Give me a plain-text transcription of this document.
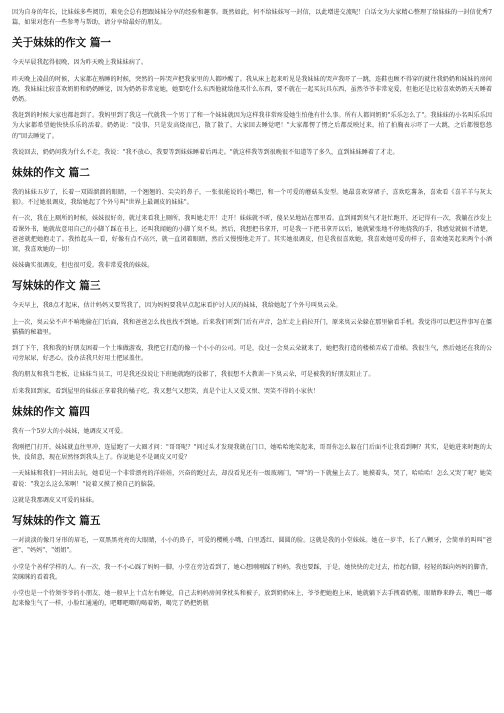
因为自身的年长，比妹妹多些阅历，难免会总有想跟妹妹分享的经验和趣事。既然如此，何不给妹妹写一封信，以此增进交流呢！白话文为大家精心整理了给妹妹的一封信优秀7篇，如果对您有一些参考与帮助，请分享给最好的朋友。

关于妹妹的作文 篇一

今天早晨我起得很晚，因为昨天晚上我妹妹病了。

昨天晚上凌晨的时候，大家都在熟睡的时候，突然的一阵哭声把我家里的人都吵醒了。我从床上起来听见是我妹妹的哭声我吓了一跳，连鞋也顾不得穿的就往我奶奶和妹妹的房间跑。我妹妹比较喜欢奶奶和奶奶睡觉，因为奶奶非常宠她，她要吃什么东西他就给他买什么东西，要不就在一起买玩具东西，虽然爷爷非常宠爱，但他还是比较喜欢奶奶天天睡着奶奶。

我赶到的时候大家也都赶到了。我妈里到了我这一代就我一个男丁了和一个妹妹就因为这样我非常疼爱她生怕他有什么事。所有人都问奶奶"乐乐怎么了"。我妹妹的小名叫乐乐因为大家都希望她快快乐乐的活着。奶奶说："没事，只是发高烧而已，散了散了，大家回去睡觉吧！"大家都愣了愣之后都反映过来，拍了拍胸表示吓了一大跳，之后都慢悠悠的"回去睡觉了。

我说回去，奶奶问我为什么不走，我说："我不放心，我要等到妹妹睡着后再走。"就这样我等到很晚很不知道等了多久，直到妹妹睡着了才走。

妹妹的作文 篇二

我的妹妹五岁了，长着一双圆溜溜的眼睛，一个翘翘的、尖尖的鼻子，一张很能说的小嘴巴，和一个可爱的蘑菇头发型。她最喜欢穿裙子，喜欢吃薯条，喜欢看《喜羊羊与灰太狼》。不过她很调皮，我给她起了个外号叫"世界上最调皮的妹妹"。

有一次，我在上厕所的时候，妹妹很好奇，就过来看我上厕所，我叫她走开！走开！妹妹就不听，傻呆呆地站在那里看。直到闻到臭气才赶忙跑开，还记得有一次，我躺在沙发上看课外书，她就故意用自己的小脚丫踩在书上，还叫我闻她的小脚丫臭不臭。然后，我想把书拿开，可是我一下把书拿开以后，她就紧张地不停地挠我的手，我感觉就搞不清楚，爸爸就把她抱走了。我抬起头一看，好像有点不高兴，就一直闭着眼睛，然后又慢慢地走开了。其实她很调皮，但是我很喜欢她，我喜欢她可爱的样子，喜欢她笑起来两个小酒窝，我喜欢她的一切！

妹妹确实很调皮，但也很可爱。我非常爱我的妹妹。

写妹妹的作文 篇三

今天早上，我8点才起床，估计妈妈又要骂我了，因为妈妈要我早点起床看护讨人厌的妹妹，我给她起了个外号叫臭云朵。

上一次，臭云朵不声不响地偷在门后面，我和爸爸怎么找也找不到她。后来我们听到门后有声音，急忙走上前拉开门，原来臭云朵躲在那里偷看手机。我觉得可以把这件事写在僵猫猫的秘籍里。

到了下午，我和我的好朋友困着一个土堆做游戏，我把它打造的像一个小小的公司。可是，没过一会臭云朵就来了，她把我打造的楼梯弄成了滑梯。我很生气，然后她还在我的公司旁尿尿，好恶心。没办法我只好用土把尿盖住。

我的朋友和我当老板，让妹妹当员工，可是我还没说让下班她就跑的没影了，我很想不大教训一下臭云朵，可是被我的好朋友阻止了。

后来我回到家，看到屋里的妹妹正拿着我的橘子吃，我又想气又想笑，真是个让人又爱又恨、哭笑不得的小家伙！

妹妹的作文 篇四

我有一个5岁大的小妹妹，她调皮又可爱。

我刚把门打开，妹妹就直往里冲，连屋跑了一大圈才问："哥哥呢？"问过头才发现我就在门口，她哈哈地笑起来，哥哥你怎么躲在门后面不让我看到啊？其实，是她进来时跑的太快，没留意，现在居然怪到我头上了。你说她是不是调皮又可爱？

一天妹妹和我们一同出去玩，她看见一个非常漂亮的洋娃娃，兴奋的跑过去，却没看见还有一级玻璃门，"呯"的一下就撞上去了。她摸着头，哭了，哈哈哈！怎么又哭了呢？她笑着说："我怎么这么笨啊！"说着又摸了摸自己的脑袋。

这就是我那调皮又可爱的妹妹。

写妹妹的作文 篇五

一对淡淡的像月牙形的眉毛，一双黑黑亮亮的大眼睛，小小的鼻子，可爱的樱桃小嘴，白里透红、圆圆的脸。这就是我的小堂妹妹。她在一岁半，长了八颗牙，会简单的叫叫"爸爸"、"妈妈"、"姐姐"。

小堂是个善样学样的人。有一次，我一不小心踩了妈妈一脚，小堂在旁边看到了，她心想刚刚踩了妈妈，我也要踩，于是，她快快的走过去，抬起右脚，轻轻的踩向妈妈的脚背，笑眯眯的看着我。

小堂也是一个待须爷爷的小朋友，她一般早上十点左右睡觉，自己去妈妈房间拿枕头和被子，放到奶奶床上，爷爷把她抱上床，她就躺下去手拽着奶瓶，眼睛睁来睁去，嘴巴一嘟起来像生气了一样，小脸红通通的，吧唧吧唧的喝着奶，喝完了奶把奶瓶
